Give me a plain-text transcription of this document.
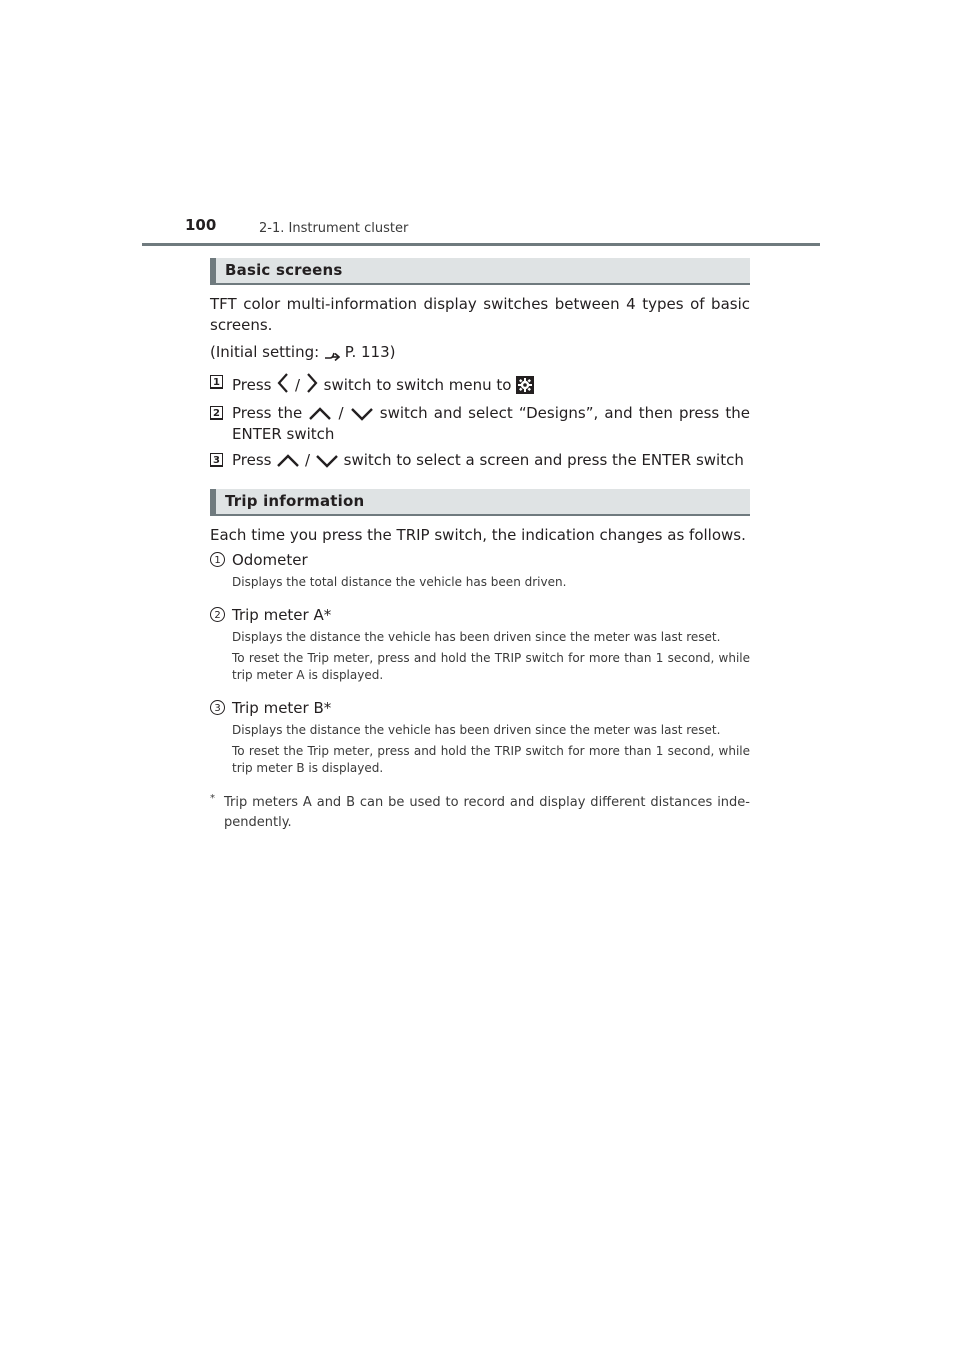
100	2-1. Instrument cluster
Basic screens

TFT color multi-information display switches between 4 types of basic screens.

(Initial setting: P. 113)

1 Press / switch to switch menu to
2 Press the / switch and select “Designs”, and then press the ENTER switch
3 Press / switch to select a screen and press the ENTER switch
Trip information

Each time you press the TRIP switch, the indication changes as follows.

1 Odometer
Displays the total distance the vehicle has been driven.
2 Trip meter A*
Displays the distance the vehicle has been driven since the meter was last reset.
To reset the Trip meter, press and hold the TRIP switch for more than 1 second, while trip meter A is displayed.
3 Trip meter B*
Displays the distance the vehicle has been driven since the meter was last reset.
To reset the Trip meter, press and hold the TRIP switch for more than 1 second, while trip meter B is displayed.
* Trip meters A and B can be used to record and display different distances inde-pendently.
